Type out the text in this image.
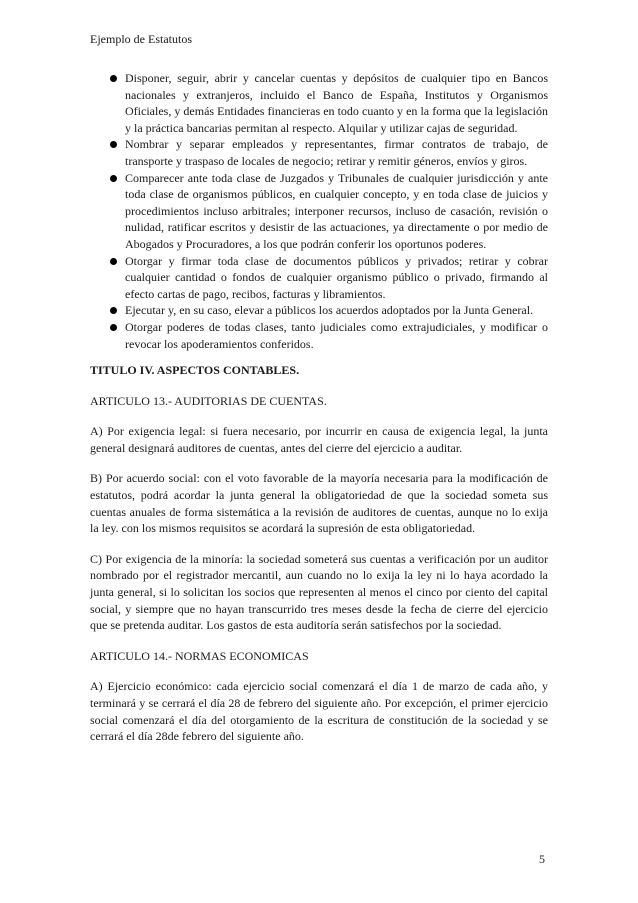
Ejemplo de Estatutos
Disponer, seguir, abrir y cancelar cuentas y depósitos de cualquier tipo en Bancos nacionales y extranjeros, incluido el Banco de España, Institutos y Organismos Oficiales, y demás Entidades financieras en todo cuanto y en la forma que la legislación y la práctica bancarias permitan al respecto. Alquilar y utilizar cajas de seguridad.
Nombrar y separar empleados y representantes, firmar contratos de trabajo, de transporte y traspaso de locales de negocio; retirar y remitir géneros, envíos y giros.
Comparecer ante toda clase de Juzgados y Tribunales de cualquier jurisdicción y ante toda clase de organismos públicos, en cualquier concepto, y en toda clase de juicios y procedimientos incluso arbitrales; interponer recursos, incluso de casación, revisión o nulidad, ratificar escritos y desistir de las actuaciones, ya directamente o por medio de Abogados y Procuradores, a los que podrán conferir los oportunos poderes.
Otorgar y firmar toda clase de documentos públicos y privados; retirar y cobrar cualquier cantidad o fondos de cualquier organismo público o privado, firmando al efecto cartas de pago, recibos, facturas y libramientos.
Ejecutar y, en su caso, elevar a públicos los acuerdos adoptados por la Junta General.
Otorgar poderes de todas clases, tanto judiciales como extrajudiciales, y modificar o revocar los apoderamientos conferidos.
TITULO IV. ASPECTOS CONTABLES.
ARTICULO 13.- AUDITORIAS DE CUENTAS.

A) Por exigencia legal: si fuera necesario, por incurrir en causa de exigencia legal, la junta general designará auditores de cuentas, antes del cierre del ejercicio a auditar.

B) Por acuerdo social: con el voto favorable de la mayoría necesaria para la modificación de estatutos, podrá acordar la junta general la obligatoriedad de que la sociedad someta sus cuentas anuales de forma sistemática a la revisión de auditores de cuentas, aunque no lo exija la ley. con los mismos requisitos se acordará la supresión de esta obligatoriedad.

C) Por exigencia de la minoría: la sociedad someterá sus cuentas a verificación por un auditor nombrado por el registrador mercantil, aun cuando no lo exija la ley ni lo haya acordado la junta general, si lo solicitan los socios que representen al menos el cinco por ciento del capital social, y siempre que no hayan transcurrido tres meses desde la fecha de cierre del ejercicio que se pretenda auditar. Los gastos de esta auditoría serán satisfechos por la sociedad.

ARTICULO 14.- NORMAS ECONOMICAS

A) Ejercicio económico: cada ejercicio social comenzará el día 1 de marzo de cada año, y terminará y se cerrará el día 28 de febrero del siguiente año. Por excepción, el primer ejercicio social comenzará el día del otorgamiento de la escritura de constitución de la sociedad y se cerrará el día 28de febrero del siguiente año.

5
